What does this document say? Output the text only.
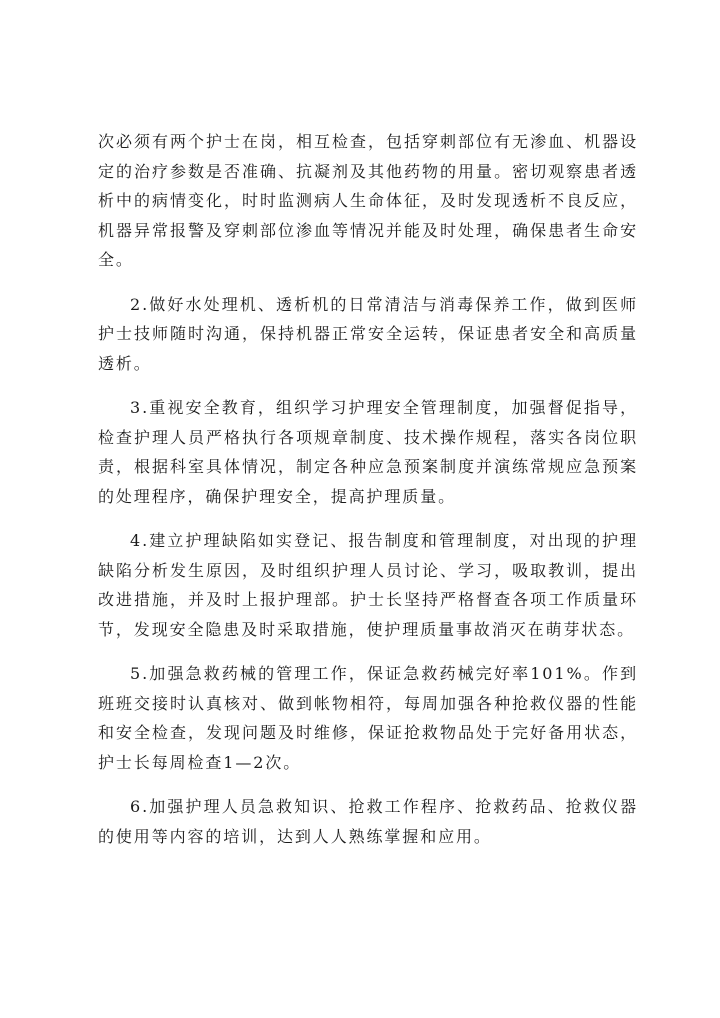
次必须有两个护士在岗，相互检查，包括穿刺部位有无渗血、机器设定的治疗参数是否准确、抗凝剂及其他药物的用量。密切观察患者透析中的病情变化，时时监测病人生命体征，及时发现透析不良反应，机器异常报警及穿刺部位渗血等情况并能及时处理，确保患者生命安全。

2.做好水处理机、透析机的日常清洁与消毒保养工作，做到医师护士技师随时沟通，保持机器正常安全运转，保证患者安全和高质量透析。

3.重视安全教育，组织学习护理安全管理制度，加强督促指导，检查护理人员严格执行各项规章制度、技术操作规程，落实各岗位职责，根据科室具体情况，制定各种应急预案制度并演练常规应急预案的处理程序，确保护理安全，提高护理质量。

4.建立护理缺陷如实登记、报告制度和管理制度，对出现的护理缺陷分析发生原因，及时组织护理人员讨论、学习，吸取教训，提出改进措施，并及时上报护理部。护士长坚持严格督查各项工作质量环节，发现安全隐患及时采取措施，使护理质量事故消灭在萌芽状态。

5.加强急救药械的管理工作，保证急救药械完好率101%。作到班班交接时认真核对、做到帐物相符，每周加强各种抢救仪器的性能和安全检查，发现问题及时维修，保证抢救物品处于完好备用状态，护士长每周检查1—2次。

6.加强护理人员急救知识、抢救工作程序、抢救药品、抢救仪器的使用等内容的培训，达到人人熟练掌握和应用。
